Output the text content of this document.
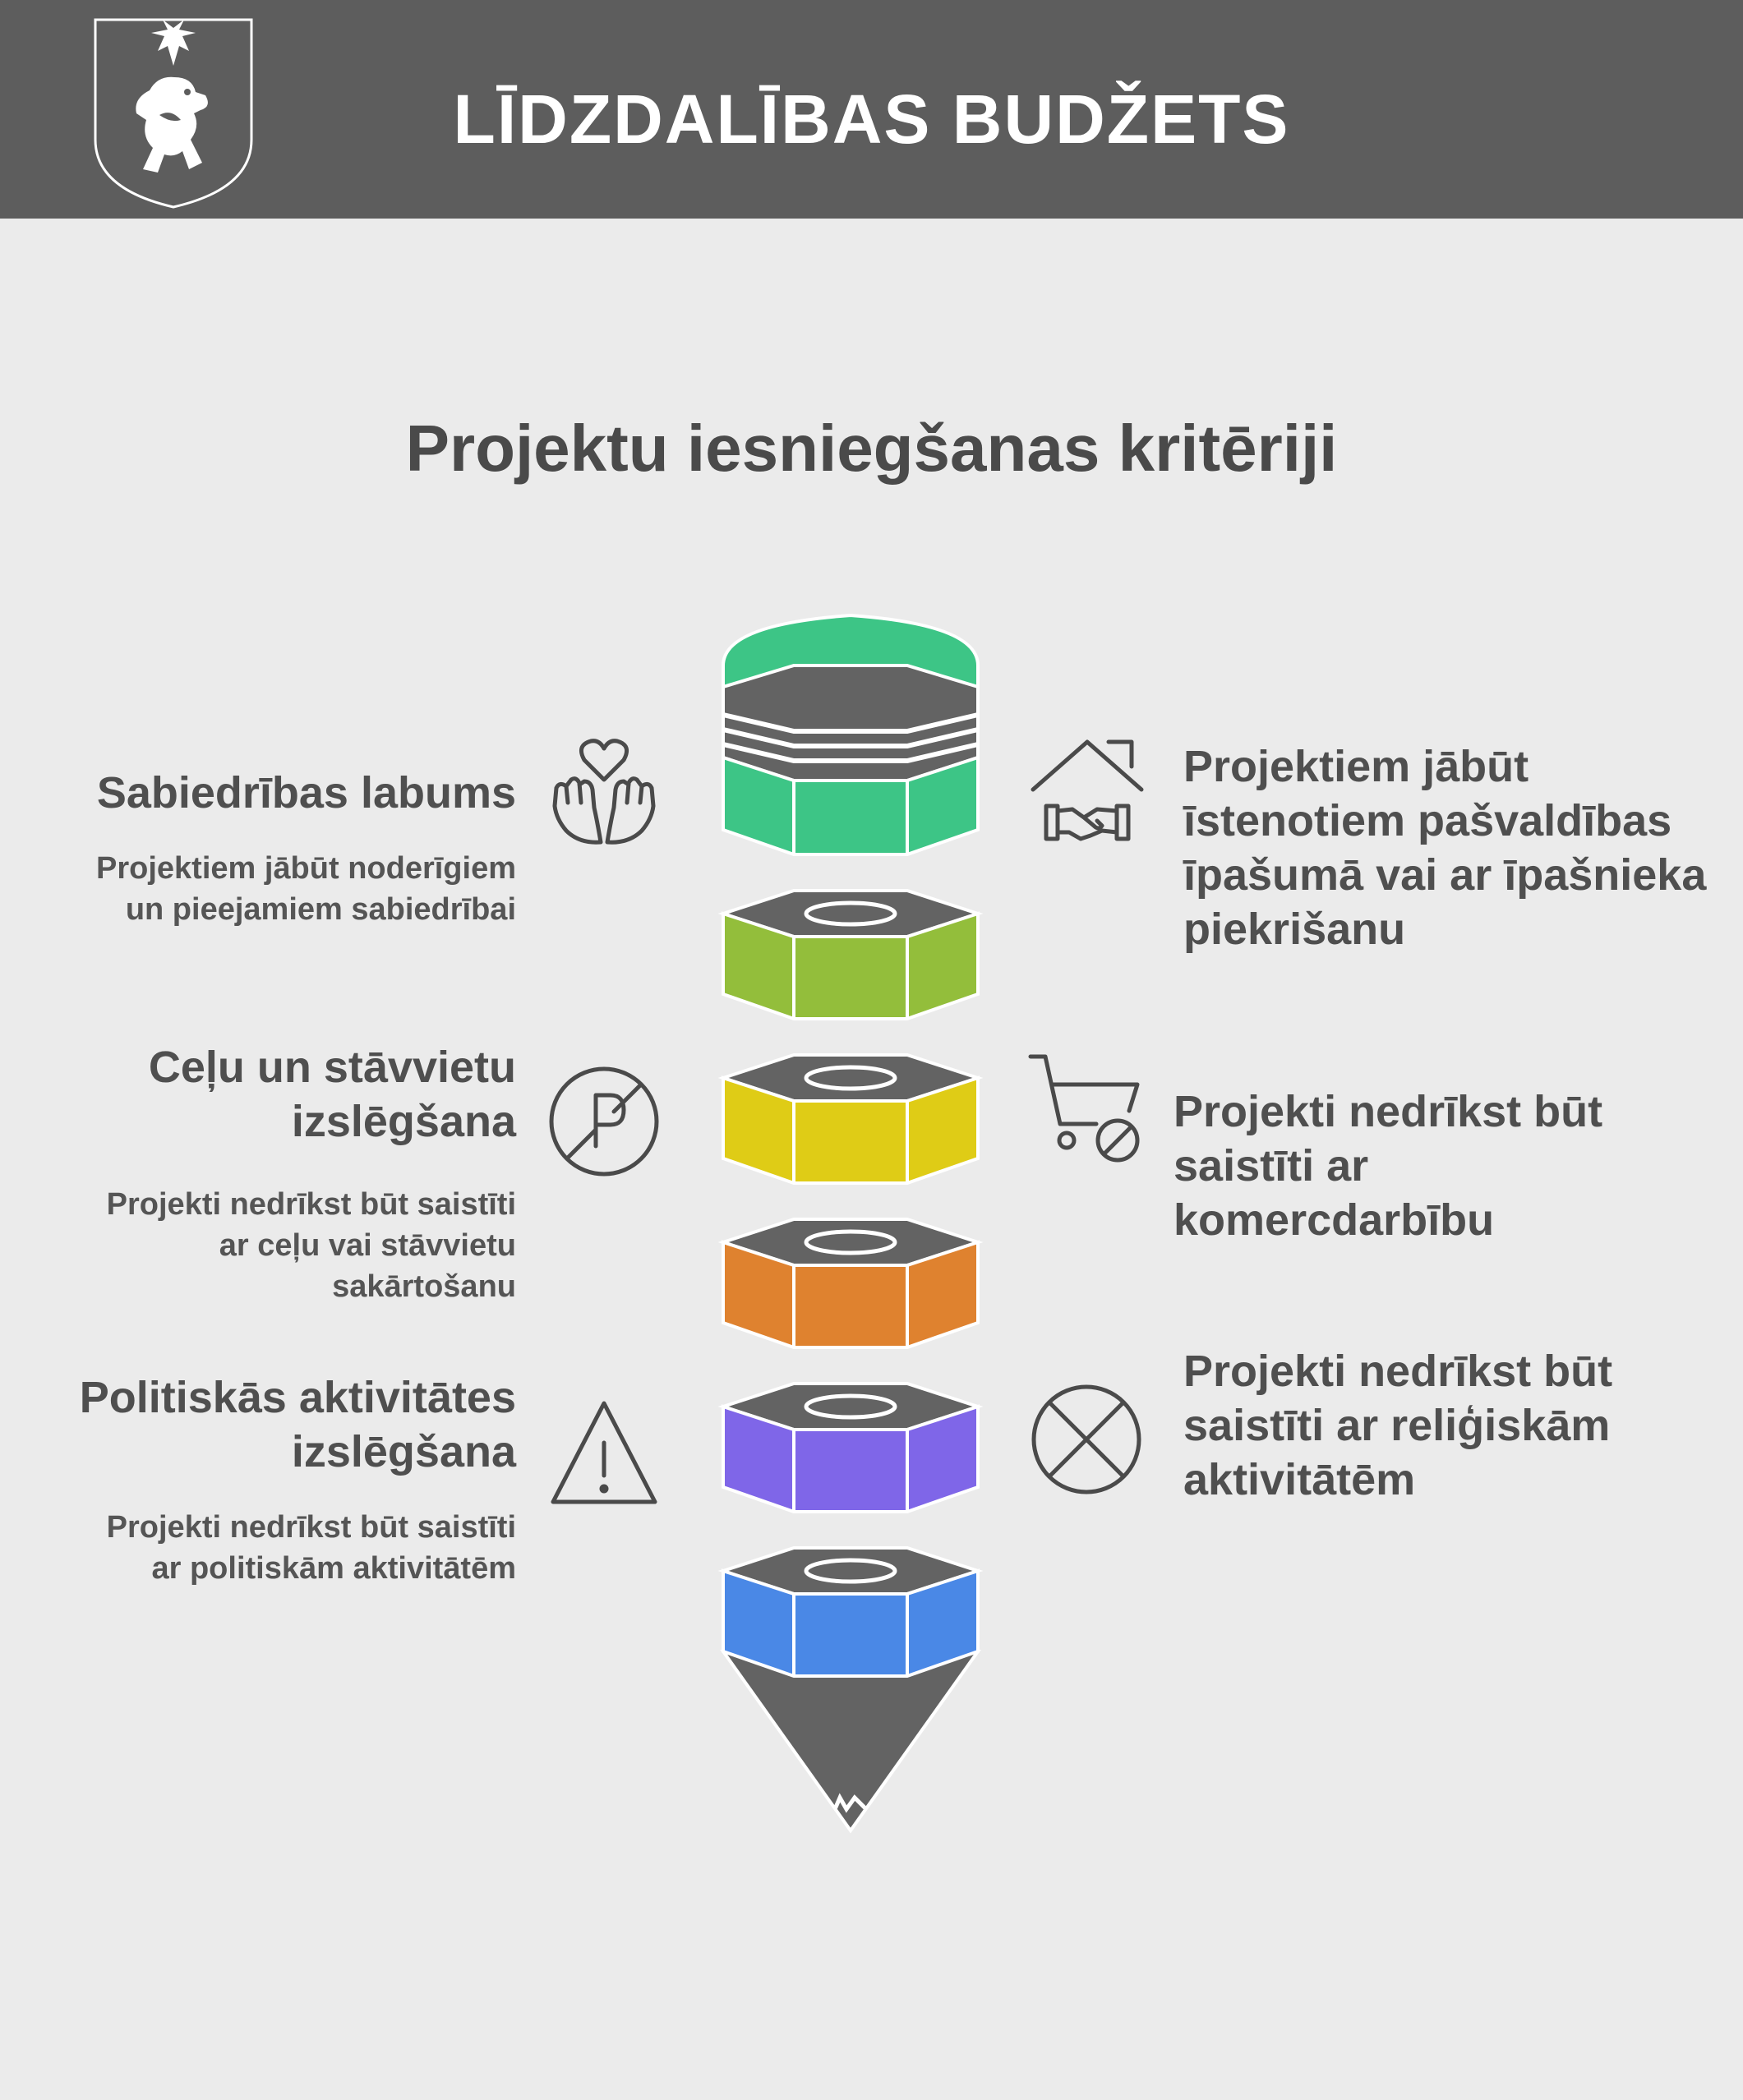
LĪDZDALĪBAS BUDŽETS
Projektu iesniegšanas kritēriji
Sabiedrības labums
Projektiem jābūt noderīgiem
un pieejamiem sabiedrībai
Ceļu un stāvvietu
izslēgšana
Projekti nedrīkst būt saistīti
ar ceļu vai stāvvietu
sakārtošanu
Politiskās aktivitātes
izslēgšana
Projekti nedrīkst būt saistīti
ar politiskām aktivitātēm
Projektiem jābūt
īstenotiem pašvaldības
īpašumā vai ar īpašnieka
piekrišanu
Projekti nedrīkst būt
saistīti ar
komercdarbību
Projekti nedrīkst būt
saistīti ar reliģiskām
aktivitātēm
